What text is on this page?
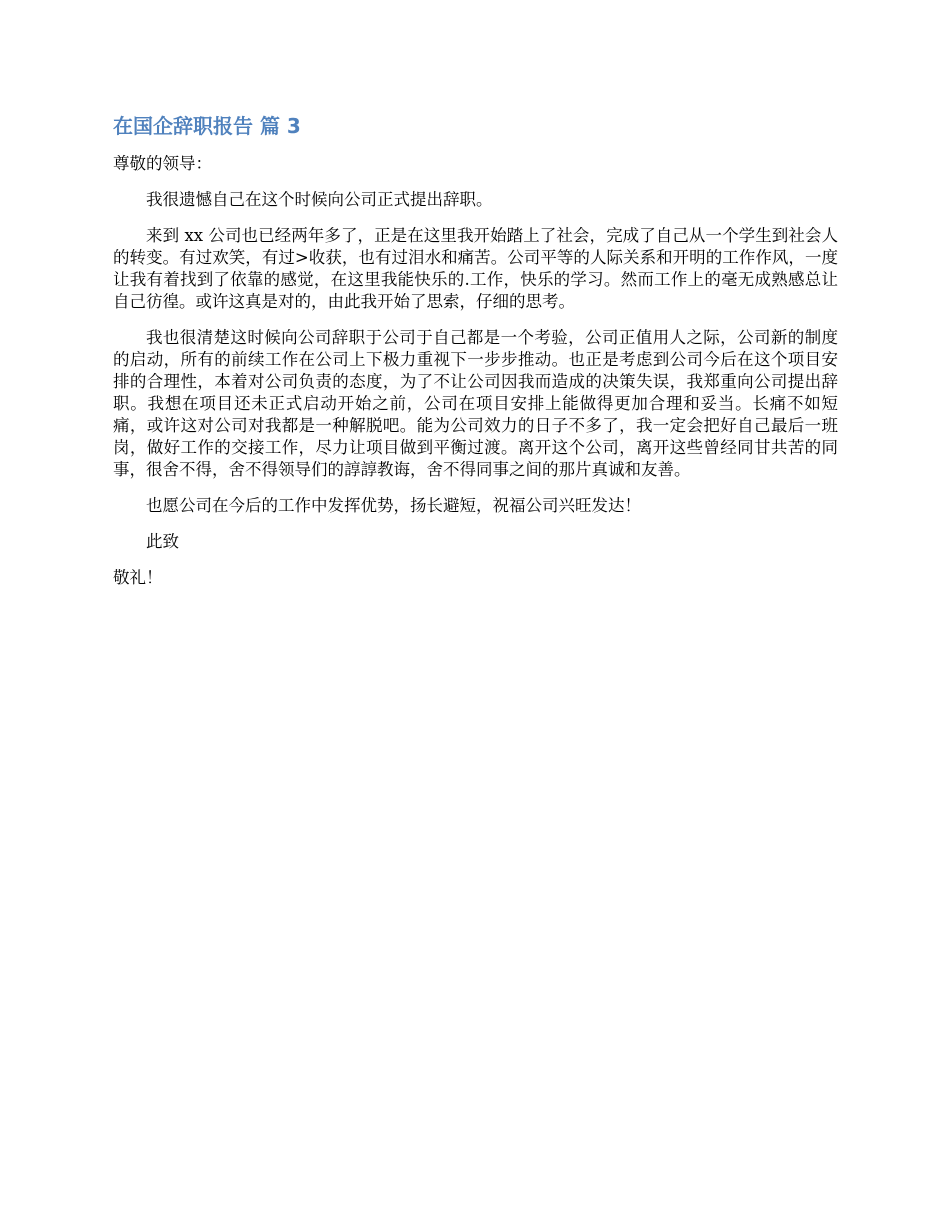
在国企辞职报告 篇 3

尊敬的领导：

我很遗憾自己在这个时候向公司正式提出辞职。

来到 xx 公司也已经两年多了，正是在这里我开始踏上了社会，完成了自己从一个学生到社会人的转变。有过欢笑，有过>收获，也有过泪水和痛苦。公司平等的人际关系和开明的工作作风，一度让我有着找到了依靠的感觉，在这里我能快乐的.工作，快乐的学习。然而工作上的毫无成熟感总让自己彷徨。或许这真是对的，由此我开始了思索，仔细的思考。

我也很清楚这时候向公司辞职于公司于自己都是一个考验，公司正值用人之际，公司新的制度的启动，所有的前续工作在公司上下极力重视下一步步推动。也正是考虑到公司今后在这个项目安排的合理性，本着对公司负责的态度，为了不让公司因我而造成的决策失误，我郑重向公司提出辞职。我想在项目还未正式启动开始之前，公司在项目安排上能做得更加合理和妥当。长痛不如短痛，或许这对公司对我都是一种解脱吧。能为公司效力的日子不多了，我一定会把好自己最后一班岗，做好工作的交接工作，尽力让项目做到平衡过渡。离开这个公司，离开这些曾经同甘共苦的同事，很舍不得，舍不得领导们的諄諄教诲，舍不得同事之间的那片真诚和友善。

也愿公司在今后的工作中发挥优势，扬长避短，祝福公司兴旺发达！

此致

敬礼！
